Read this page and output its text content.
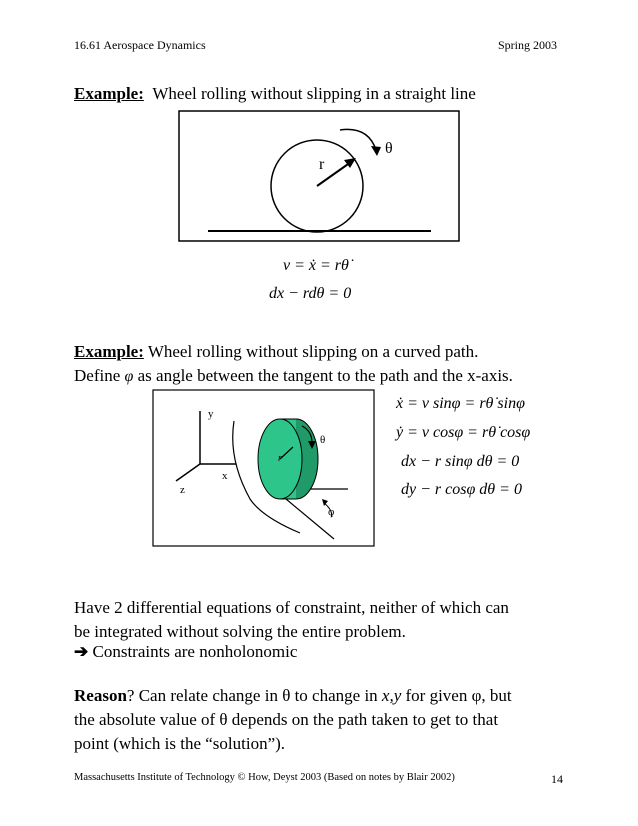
16.61 Aerospace Dynamics	Spring 2003
Example: Wheel rolling without slipping in a straight line
r
θ
v = ẋ = rθ̇
dx − rdθ = 0
Example: Wheel rolling without slipping on a curved path.
Define φ as angle between the tangent to the path and the x-axis.
y
x
z
r
θ
φ
ẋ = v sinφ = rθ̇ sinφ
ẏ = v cosφ = rθ̇ cosφ
dx − r sinφ dθ = 0
dy − r cosφ dθ = 0
Have 2 differential equations of constraint, neither of which can
be integrated without solving the entire problem.
➔ Constraints are nonholonomic
Reason? Can relate change in θ to change in x,y for given φ, but
the absolute value of θ depends on the path taken to get to that
point (which is the “solution”).
Massachusetts Institute of Technology © How, Deyst 2003 (Based on notes by Blair 2002)	14
